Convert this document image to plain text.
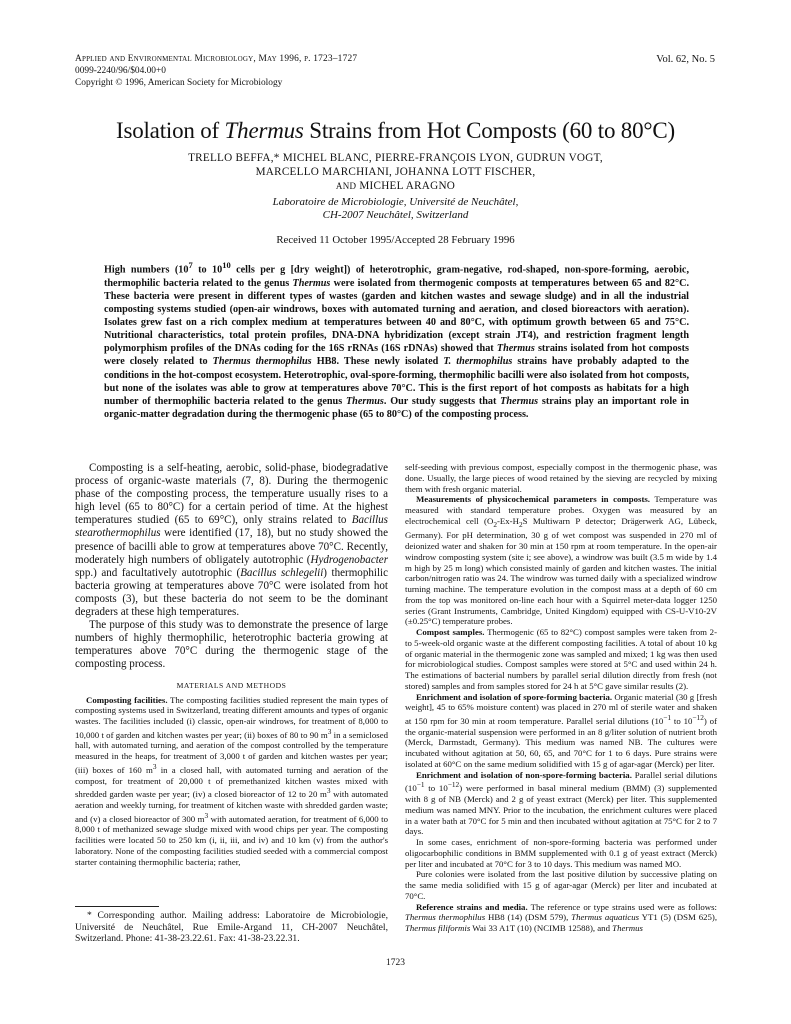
Applied and Environmental Microbiology, May 1996, p. 1723–1727
0099-2240/96/$04.00+0
Copyright © 1996, American Society for Microbiology
Vol. 62, No. 5
Isolation of Thermus Strains from Hot Composts (60 to 80°C)
TRELLO BEFFA,* MICHEL BLANC, PIERRE-FRANÇOIS LYON, GUDRUN VOGT,
MARCELLO MARCHIANI, JOHANNA LOTT FISCHER,
AND MICHEL ARAGNO
Laboratoire de Microbiologie, Université de Neuchâtel,
CH-2007 Neuchâtel, Switzerland
Received 11 October 1995/Accepted 28 February 1996
High numbers ($10^7$ to $10^{10}$ cells per g [dry weight]) of heterotrophic, gram-negative, rod-shaped, non-spore-forming, aerobic, thermophilic bacteria related to the genus Thermus were isolated from thermogenic composts at temperatures between 65 and 82°C. These bacteria were present in different types of wastes (garden and kitchen wastes and sewage sludge) and in all the industrial composting systems studied (open-air windrows, boxes with automated turning and aeration, and closed bioreactors with aeration). Isolates grew fast on a rich complex medium at temperatures between 40 and 80°C, with optimum growth between 65 and 75°C. Nutritional characteristics, total protein profiles, DNA-DNA hybridization (except strain JT4), and restriction fragment length polymorphism profiles of the DNAs coding for the 16S rRNAs (16S rDNAs) showed that Thermus strains isolated from hot composts were closely related to Thermus thermophilus HB8. These newly isolated T. thermophilus strains have probably adapted to the conditions in the hot-compost ecosystem. Heterotrophic, oval-spore-forming, thermophilic bacilli were also isolated from hot composts, but none of the isolates was able to grow at temperatures above 70°C. This is the first report of hot composts as habitats for a high number of thermophilic bacteria related to the genus Thermus. Our study suggests that Thermus strains play an important role in organic-matter degradation during the thermogenic phase (65 to 80°C) of the composting process.

Composting is a self-heating, aerobic, solid-phase, biodegradative process of organic-waste materials (7, 8). During the thermogenic phase of the composting process, the temperature usually rises to a high level (65 to 80°C) for a certain period of time. At the highest temperatures studied (65 to 69°C), only strains related to Bacillus stearothermophilus were identified (17, 18), but no study showed the presence of bacilli able to grow at temperatures above 70°C. Recently, moderately high numbers of obligately autotrophic (Hydrogenobacter spp.) and facultatively autotrophic (Bacillus schlegelii) thermophilic bacteria growing at temperatures above 70°C were isolated from hot composts (3), but these bacteria do not seem to be the dominant degraders at these high temperatures.

The purpose of this study was to demonstrate the presence of large numbers of highly thermophilic, heterotrophic bacteria growing at temperatures above 70°C during the thermogenic stage of the composting process.

MATERIALS AND METHODS

Composting facilities. The composting facilities studied represent the main types of composting systems used in Switzerland, treating different amounts and types of organic wastes. The facilities included (i) classic, open-air windrows, for treatment of 8,000 to 10,000 t of garden and kitchen wastes per year; (ii) boxes of 80 to 90 $m^3$ in a semiclosed hall, with automated turning, and aeration of the compost controlled by the temperature measured in the heaps, for treatment of 3,000 t of garden and kitchen wastes per year; (iii) boxes of 160 $m^3$ in a closed hall, with automated turning and aeration of the compost, for treatment of 20,000 t of premethanized kitchen wastes mixed with shredded garden waste per year; (iv) a closed bioreactor of 12 to 20 $m^3$ with automated aeration and weekly turning, for treatment of kitchen waste with shredded garden waste; and (v) a closed bioreactor of 300 $m^3$ with automated aeration, for treatment of 6,000 to 8,000 t of methanized sewage sludge mixed with wood chips per year. The composting facilities were located 50 to 250 km (i, ii, iii, and iv) and 10 km (v) from the author's laboratory. None of the composting facilities studied seeded with a commercial compost starter containing thermophilic bacteria; rather,

self-seeding with previous compost, especially compost in the thermogenic phase, was done. Usually, the large pieces of wood retained by the sieving are recycled by mixing them with fresh organic material.

Measurements of physicochemical parameters in composts. Temperature was measured with standard temperature probes. Oxygen was measured by an electrochemical cell ($O_2-Ex-H_2S$ Multiwarn P detector; Drägerwerk AG, Lübeck, Germany). For pH determination, 30 g of wet compost was suspended in 270 ml of deionized water and shaken for 30 min at 150 rpm at room temperature. In the open-air windrow composting system (site i; see above), a windrow was built (3.5 m wide by 1.4 m high by 25 m long) which consisted mainly of garden and kitchen wastes. The initial carbon/nitrogen ratio was 24. The windrow was turned daily with a specialized windrow turning machine. The temperature evolution in the compost mass at a depth of 60 cm from the top was monitored on-line each hour with a Squirrel meter-data logger 1250 series (Grant Instruments, Cambridge, United Kingdom) equipped with CS-U-V10-2V (±0.25°C) temperature probes.

Compost samples. Thermogenic (65 to 82°C) compost samples were taken from 2- to 5-week-old organic waste at the different composting facilities. A total of about 10 kg of organic material in the thermogenic zone was sampled and mixed; 1 kg was then used for microbiological studies. Compost samples were stored at 5°C and used within 24 h. The estimations of bacterial numbers by parallel serial dilution directly from fresh (not stored) samples and from samples stored for 24 h at 5°C gave similar results (2).

Enrichment and isolation of spore-forming bacteria. Organic material (30 g [fresh weight], 45 to 65% moisture content) was placed in 270 ml of sterile water and shaken at 150 rpm for 30 min at room temperature. Parallel serial dilutions ($10^{-1}$ to $10^{-12}$) of the organic-material suspension were performed in an 8 g/liter solution of nutrient broth (Merck, Darmstadt, Germany). This medium was named NB. The cultures were incubated without agitation at 50, 60, 65, and 70°C for 1 to 6 days. Pure strains were isolated at 60°C on the same medium solidified with 15 g of agar-agar (Merck) per liter.

Enrichment and isolation of non-spore-forming bacteria. Parallel serial dilutions ($10^{-1}$ to $10^{-12}$) were performed in basal mineral medium (BMM) (3) supplemented with 8 g of NB (Merck) and 2 g of yeast extract (Merck) per liter. This supplemented medium was named MNY. Prior to the incubation, the enrichment cultures were placed in a water bath at 70°C for 5 min and then incubated without agitation at 75°C for 2 to 7 days.

In some cases, enrichment of non-spore-forming bacteria was performed under oligocarbophilic conditions in BMM supplemented with 0.1 g of yeast extract (Merck) per liter and incubated at 70°C for 3 to 10 days. This medium was named MO.

Pure colonies were isolated from the last positive dilution by successive plating on the same media solidified with 15 g of agar-agar (Merck) per liter and incubated at 70°C.

Reference strains and media. The reference or type strains used were as follows: Thermus thermophilus HB8 (14) (DSM 579), Thermus aquaticus YT1 (5) (DSM 625), Thermus filiformis Wai 33 A1T (10) (NCIMB 12588), and Thermus

* Corresponding author. Mailing address: Laboratoire de Microbiologie, Université de Neuchâtel, Rue Emile-Argand 11, CH-2007 Neuchâtel, Switzerland. Phone: 41-38-23.22.61. Fax: 41-38-23.22.31.
1723
